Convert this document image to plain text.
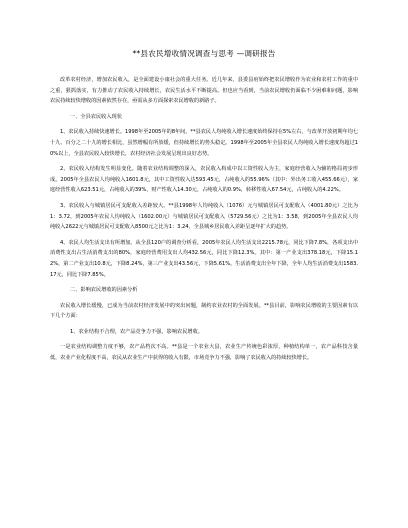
**县农民增收情况调查与思考 —调研报告

改革农村经济，增加农民收入，是全面建设小康社会的重大任务。近几年来，县委县府始终把农民增收作为农业和农村工作的重中之重，狠抓落实，有力推动了农民收入持续增长，农民生活水平不断提高。但也应当看到，当前农民增收仍面临不少困难和问题，影响农民持续较快增收的因素依然存在，亟需从多方面探索农民增收的新路子。

一、全县农民收入现状

1、农民收入持续快速增长。1998年至2005年的8年间，**县农民人均纯收入增长速度始终保持在5%左右，与改革开放初期年均七十九、百分之二十九的增长相比，虽然增幅有所放缓，但持续增长的势头稳定。1998年至2005年全县农民人均纯收入增长速度均超过10%以上，全县农民收入较快增长，农村经济社会发展呈现出良好态势。

2、农民收入结构发生明显变化。随着农业结构调整的深入，农民收入构成中以工资性收入为主，家庭经营收入为辅的格局初步形成。2005年全县农民人均纯收入1601.8元，其中工资性收入达593.45元，占纯收入的55.96%（其中：外出务工收入455.66元），家庭经营性收入623.51元，占纯收入的39%，财产性收入14.30元，占纯收入的0.9%，转移性收入67.54元，占纯收入的4.22%。

3、农民收入与城镇居民可支配收入差距较大。**县1998年人均纯收入（1076）元与城镇居民可支配收入（4001.80元）之比为1：3.72，到2005年农民人均纯收入（1602.00元）与城镇居民可支配收入（5729.56元）之比为1：3.58，到2005年全县农民人均纯收入2622元与城镇居民可支配收入8500元之比为1：3.24，全县城乡居民收入差距呈逐年扩大的趋势。

4、农民人均生活支出有所增加。从全县120户的调查分析看，2005年农民人均生活支出2215.78元，同比下降7.8%，各项支出中消费性支出占生活消费支出的80%，家庭经营费用支出人均432.56元，同比下降12.3%。其中：第一产业支出378.18元，下降15.12%，第二产业支出10.8元，下降8.24%，第三产业支出43.56元，下降5.61%。生活消费支出全年下降，全年人均生活消费支出1583.17元，同比下降7.85%。

二、影响农民增收的因素分析

农民收入增长缓慢，已成为当前农村经济发展中的突出问题，制约农业农村的全面发展。**县目前，影响农民增收的主要因素有以下几个方面：

1、农业结构不合理，农产品竞争力不强，影响农民增收。

一是农业结构调整力度不够，农产品档次不高。**县是一个农业大县，农业生产传统色彩浓厚，种植结构单一，农产品科技含量低，农业产业化程度不高，农民从农业生产中获得的收入有限，市场竞争力不强，影响了农民收入的持续较快增长。
